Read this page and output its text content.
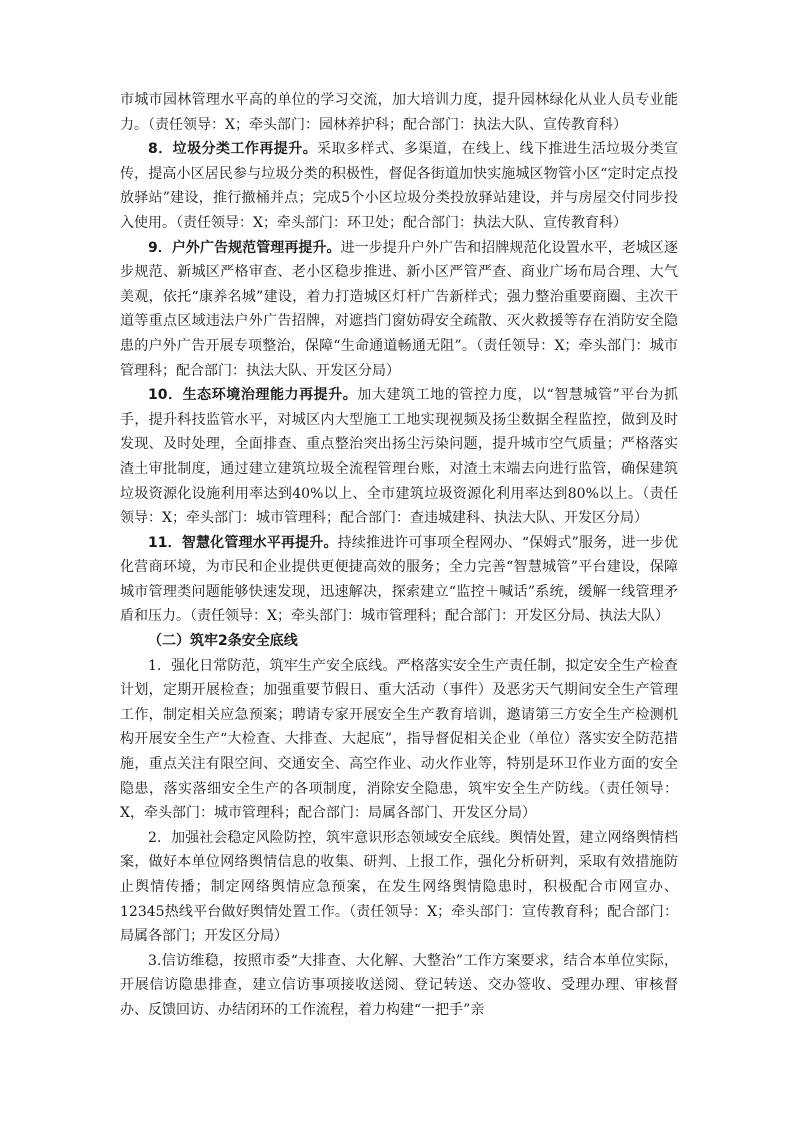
市城市园林管理水平高的单位的学习交流，加大培训力度，提升园林绿化从业人员专业能力。（责任领导：X；牵头部门：园林养护科；配合部门：执法大队、宣传教育科）

8．垃圾分类工作再提升。采取多样式、多渠道，在线上、线下推进生活垃圾分类宣传，提高小区居民参与垃圾分类的积极性，督促各街道加快实施城区物管小区“定时定点投放驿站”建设，推行撤桶并点；完成5个小区垃圾分类投放驿站建设，并与房屋交付同步投入使用。（责任领导：X；牵头部门：环卫处；配合部门：执法大队、宣传教育科）

9．户外广告规范管理再提升。进一步提升户外广告和招牌规范化设置水平，老城区逐步规范、新城区严格审查、老小区稳步推进、新小区严管严查、商业广场布局合理、大气美观，依托“康养名城”建设，着力打造城区灯杆广告新样式；强力整治重要商圈、主次干道等重点区域违法户外广告招牌，对遮挡门窗妨碍安全疏散、灭火救援等存在消防安全隐患的户外广告开展专项整治，保障“生命通道畅通无阻”。（责任领导：X；牵头部门：城市管理科；配合部门：执法大队、开发区分局）

10．生态环境治理能力再提升。加大建筑工地的管控力度，以“智慧城管”平台为抓手，提升科技监管水平，对城区内大型施工工地实现视频及扬尘数据全程监控，做到及时发现、及时处理，全面排查、重点整治突出扬尘污染问题，提升城市空气质量；严格落实渣土审批制度，通过建立建筑垃圾全流程管理台账，对渣土末端去向进行监管，确保建筑垃圾资源化设施利用率达到40%以上、全市建筑垃圾资源化利用率达到80%以上。（责任领导：X；牵头部门：城市管理科；配合部门：查违城建科、执法大队、开发区分局）

11．智慧化管理水平再提升。持续推进许可事项全程网办、“保姆式”服务，进一步优化营商环境，为市民和企业提供更便捷高效的服务；全力完善“智慧城管”平台建设，保障城市管理类问题能够快速发现，迅速解决，探索建立“监控＋喊话”系统，缓解一线管理矛盾和压力。（责任领导：X；牵头部门：城市管理科；配合部门：开发区分局、执法大队）

（二）筑牢2条安全底线

1．强化日常防范，筑牢生产安全底线。严格落实安全生产责任制，拟定安全生产检查计划，定期开展检查；加强重要节假日、重大活动（事件）及恶劣天气期间安全生产管理工作，制定相关应急预案；聘请专家开展安全生产教育培训，邀请第三方安全生产检测机构开展安全生产“大检查、大排查、大起底”，指导督促相关企业（单位）落实安全防范措施，重点关注有限空间、交通安全、高空作业、动火作业等，特别是环卫作业方面的安全隐患，落实落细安全生产的各项制度，消除安全隐患，筑牢安全生产防线。（责任领导：X，牵头部门：城市管理科；配合部门：局属各部门、开发区分局）

2．加强社会稳定风险防控，筑牢意识形态领域安全底线。舆情处置，建立网络舆情档案，做好本单位网络舆情信息的收集、研判、上报工作，强化分析研判，采取有效措施防止舆情传播；制定网络舆情应急预案，在发生网络舆情隐患时，积极配合市网宣办、12345热线平台做好舆情处置工作。（责任领导：X；牵头部门：宣传教育科；配合部门：局属各部门；开发区分局）

3.信访维稳，按照市委“大排查、大化解、大整治”工作方案要求，结合本单位实际，开展信访隐患排查，建立信访事项接收送阅、登记转送、交办签收、受理办理、审核督办、反馈回访、办结闭环的工作流程，着力构建“一把手”亲
